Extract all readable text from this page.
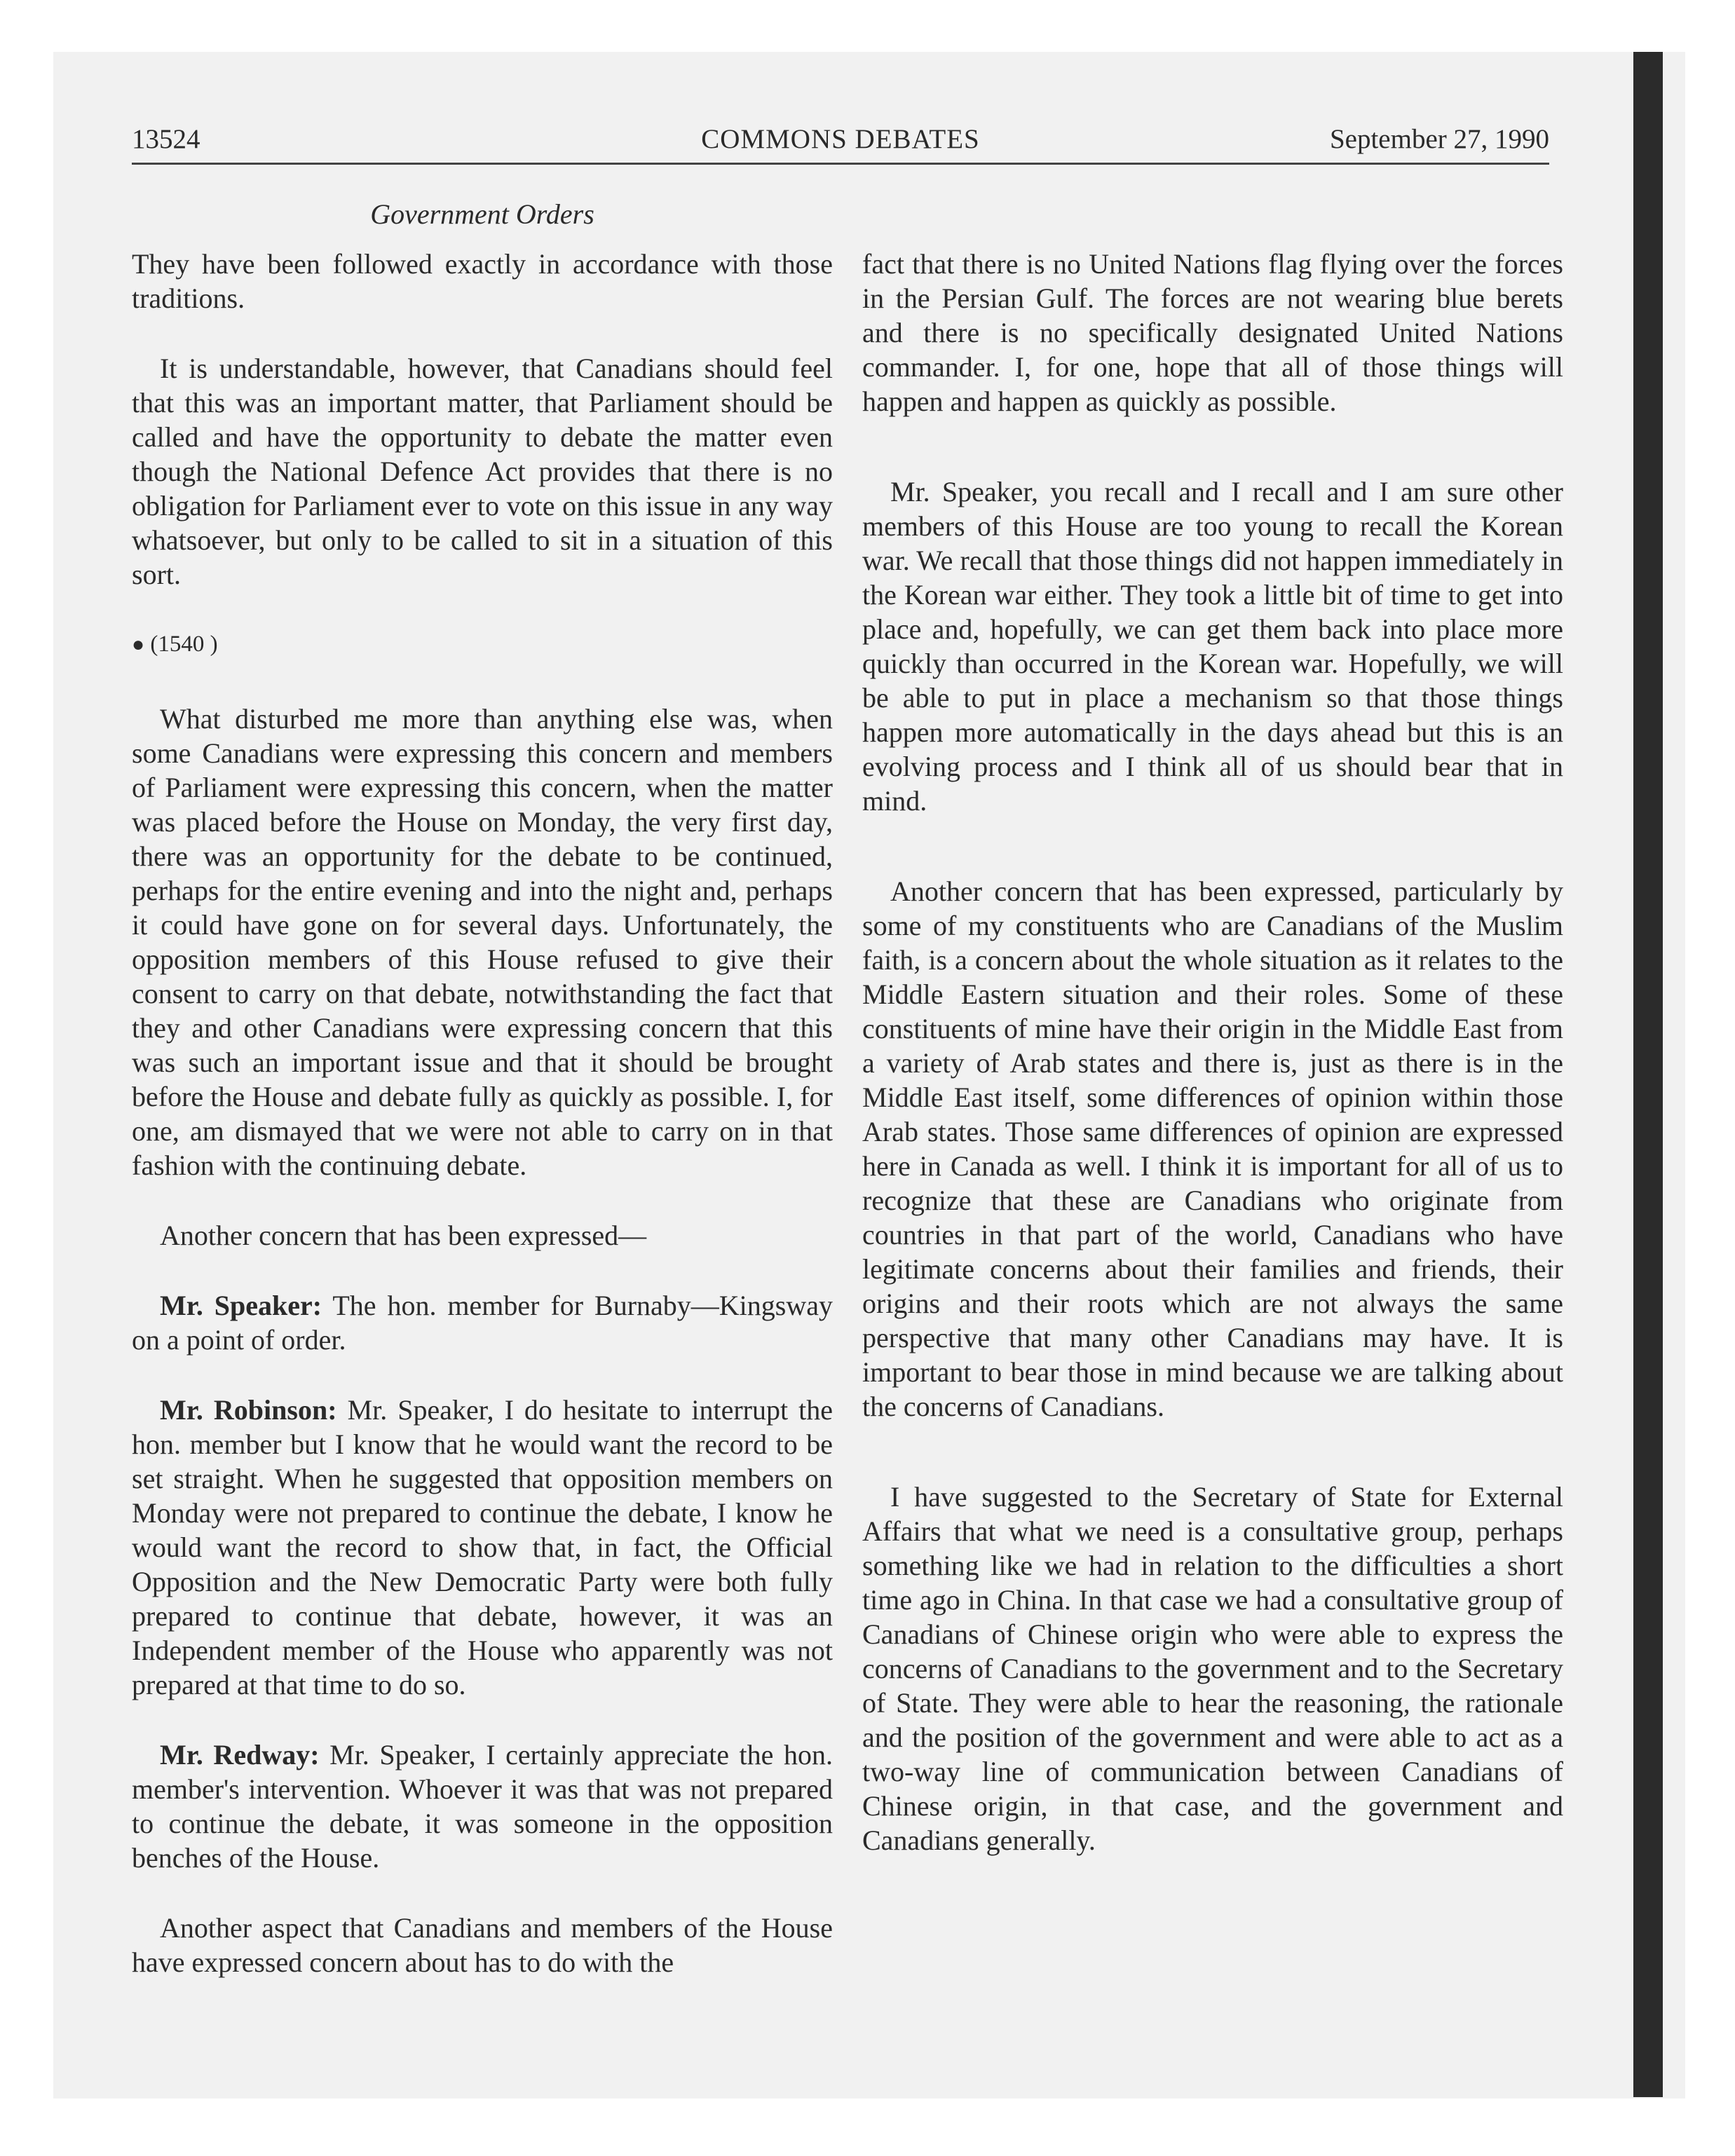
13524	COMMONS DEBATES	September 27, 1990
Government Orders

They have been followed exactly in accordance with those traditions.

It is understandable, however, that Canadians should feel that this was an important matter, that Parliament should be called and have the opportunity to debate the matter even though the National Defence Act provides that there is no obligation for Parliament ever to vote on this issue in any way whatsoever, but only to be called to sit in a situation of this sort.

● (1540 )

What disturbed me more than anything else was, when some Canadians were expressing this concern and members of Parliament were expressing this concern, when the matter was placed before the House on Monday, the very first day, there was an opportunity for the debate to be continued, perhaps for the entire evening and into the night and, perhaps it could have gone on for several days. Unfortunately, the opposition members of this House refused to give their consent to carry on that debate, notwithstanding the fact that they and other Canadians were expressing concern that this was such an important issue and that it should be brought before the House and debate fully as quickly as possible. I, for one, am dismayed that we were not able to carry on in that fashion with the continuing debate.

Another concern that has been expressed—

Mr. Speaker: The hon. member for Burnaby—Kingsway on a point of order.

Mr. Robinson: Mr. Speaker, I do hesitate to interrupt the hon. member but I know that he would want the record to be set straight. When he suggested that opposition members on Monday were not prepared to continue the debate, I know he would want the record to show that, in fact, the Official Opposition and the New Democratic Party were both fully prepared to continue that debate, however, it was an Independent member of the House who apparently was not prepared at that time to do so.

Mr. Redway: Mr. Speaker, I certainly appreciate the hon. member's intervention. Whoever it was that was not prepared to continue the debate, it was someone in the opposition benches of the House.

Another aspect that Canadians and members of the House have expressed concern about has to do with the

fact that there is no United Nations flag flying over the forces in the Persian Gulf. The forces are not wearing blue berets and there is no specifically designated United Nations commander. I, for one, hope that all of those things will happen and happen as quickly as possible.

Mr. Speaker, you recall and I recall and I am sure other members of this House are too young to recall the Korean war. We recall that those things did not happen immediately in the Korean war either. They took a little bit of time to get into place and, hopefully, we can get them back into place more quickly than occurred in the Korean war. Hopefully, we will be able to put in place a mechanism so that those things happen more automatically in the days ahead but this is an evolving process and I think all of us should bear that in mind.

Another concern that has been expressed, particularly by some of my constituents who are Canadians of the Muslim faith, is a concern about the whole situation as it relates to the Middle Eastern situation and their roles. Some of these constituents of mine have their origin in the Middle East from a variety of Arab states and there is, just as there is in the Middle East itself, some differences of opinion within those Arab states. Those same differences of opinion are expressed here in Canada as well. I think it is important for all of us to recognize that these are Canadians who originate from countries in that part of the world, Canadians who have legitimate concerns about their families and friends, their origins and their roots which are not always the same perspective that many other Canadians may have. It is important to bear those in mind because we are talking about the concerns of Canadians.

I have suggested to the Secretary of State for External Affairs that what we need is a consultative group, perhaps something like we had in relation to the difficulties a short time ago in China. In that case we had a consultative group of Canadians of Chinese origin who were able to express the concerns of Canadians to the government and to the Secretary of State. They were able to hear the reasoning, the rationale and the position of the government and were able to act as a two-way line of communication between Canadians of Chinese origin, in that case, and the government and Canadians generally.
